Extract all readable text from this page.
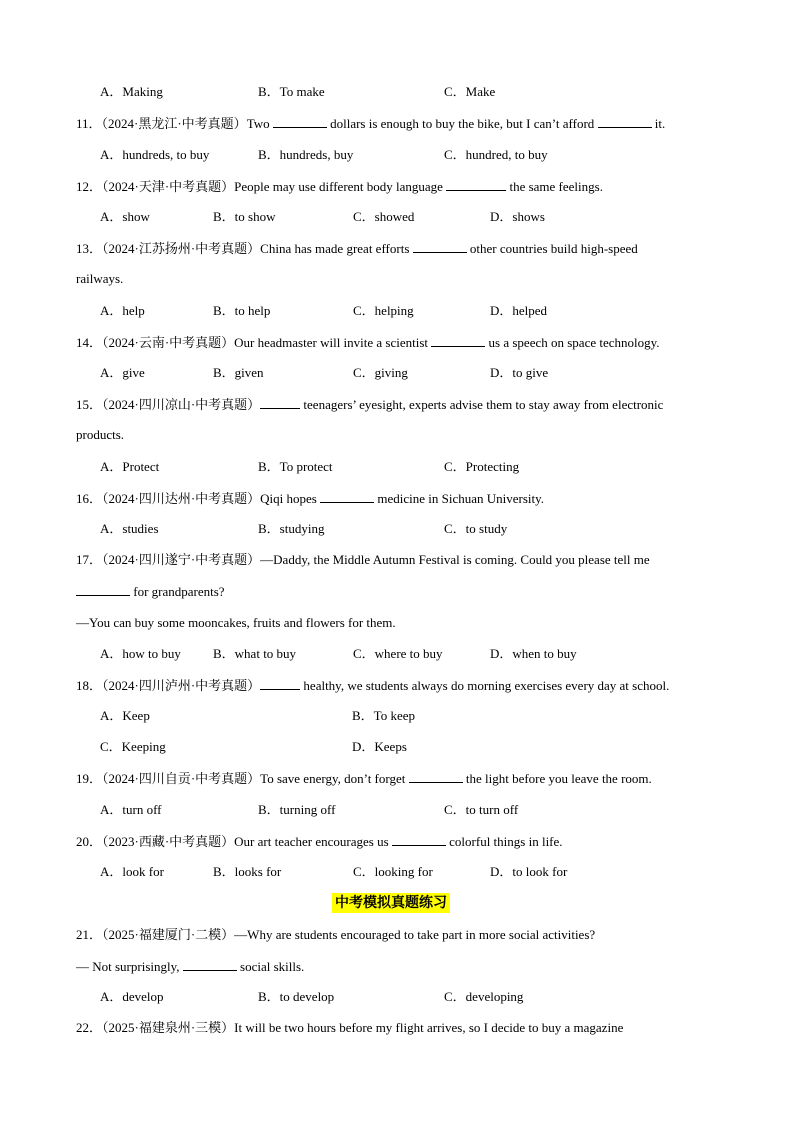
A．Making	B．To make	C．Make
11．（2024·黑龙江·中考真题）Two	dollars is enough to buy the bike, but I can’t afford	it.
A．hundreds, to buy	B．hundreds, buy	C．hundred, to buy
12．（2024·天津·中考真题）People may use different body language	the same feelings.
A．show	B．to show	C．showed	D．shows
13．（2024·江苏扬州·中考真题）China has made great efforts	other countries build high-speed
railways.
A．help	B．to help	C．helping	D．helped
14．（2024·云南·中考真题）Our headmaster will invite a scientist	us a speech on space technology.
A．give	B．given	C．giving	D．to give
15．（2024·四川凉山·中考真题）	teenagers’ eyesight, experts advise them to stay away from electronic
products.
A．Protect	B．To protect	C．Protecting
16．（2024·四川达州·中考真题）Qiqi hopes	medicine in Sichuan University.
A．studies	B．studying	C．to study
17．（2024·四川遂宁·中考真题）—Daddy, the Middle Autumn Festival is coming. Could you please tell me
for grandparents?
—You can buy some mooncakes, fruits and flowers for them.
A．how to buy B．what to buy	C．where to buy	D．when to buy
18．（2024·四川泸州·中考真题）	healthy, we students always do morning exercises every day at school.
A．Keep	B．To keep
C．Keeping	D．Keeps
19．（2024·四川自贡·中考真题）To save energy, don’t forget	the light before you leave the room.
A．turn off	B．turning off	C．to turn off
20．（2023·西藏·中考真题）Our art teacher encourages us	colorful things in life.
A．look for	B．looks for	C．looking for	D．to look for
中考模拟真题练习
21．（2025·福建厦门·二模）—Why are students encouraged to take part in more social activities?
— Not surprisingly,	social skills.
A．develop	B．to develop	C．developing
22．（2025·福建泉州·三模）It will be two hours before my flight arrives, so I decide to buy a magazine
